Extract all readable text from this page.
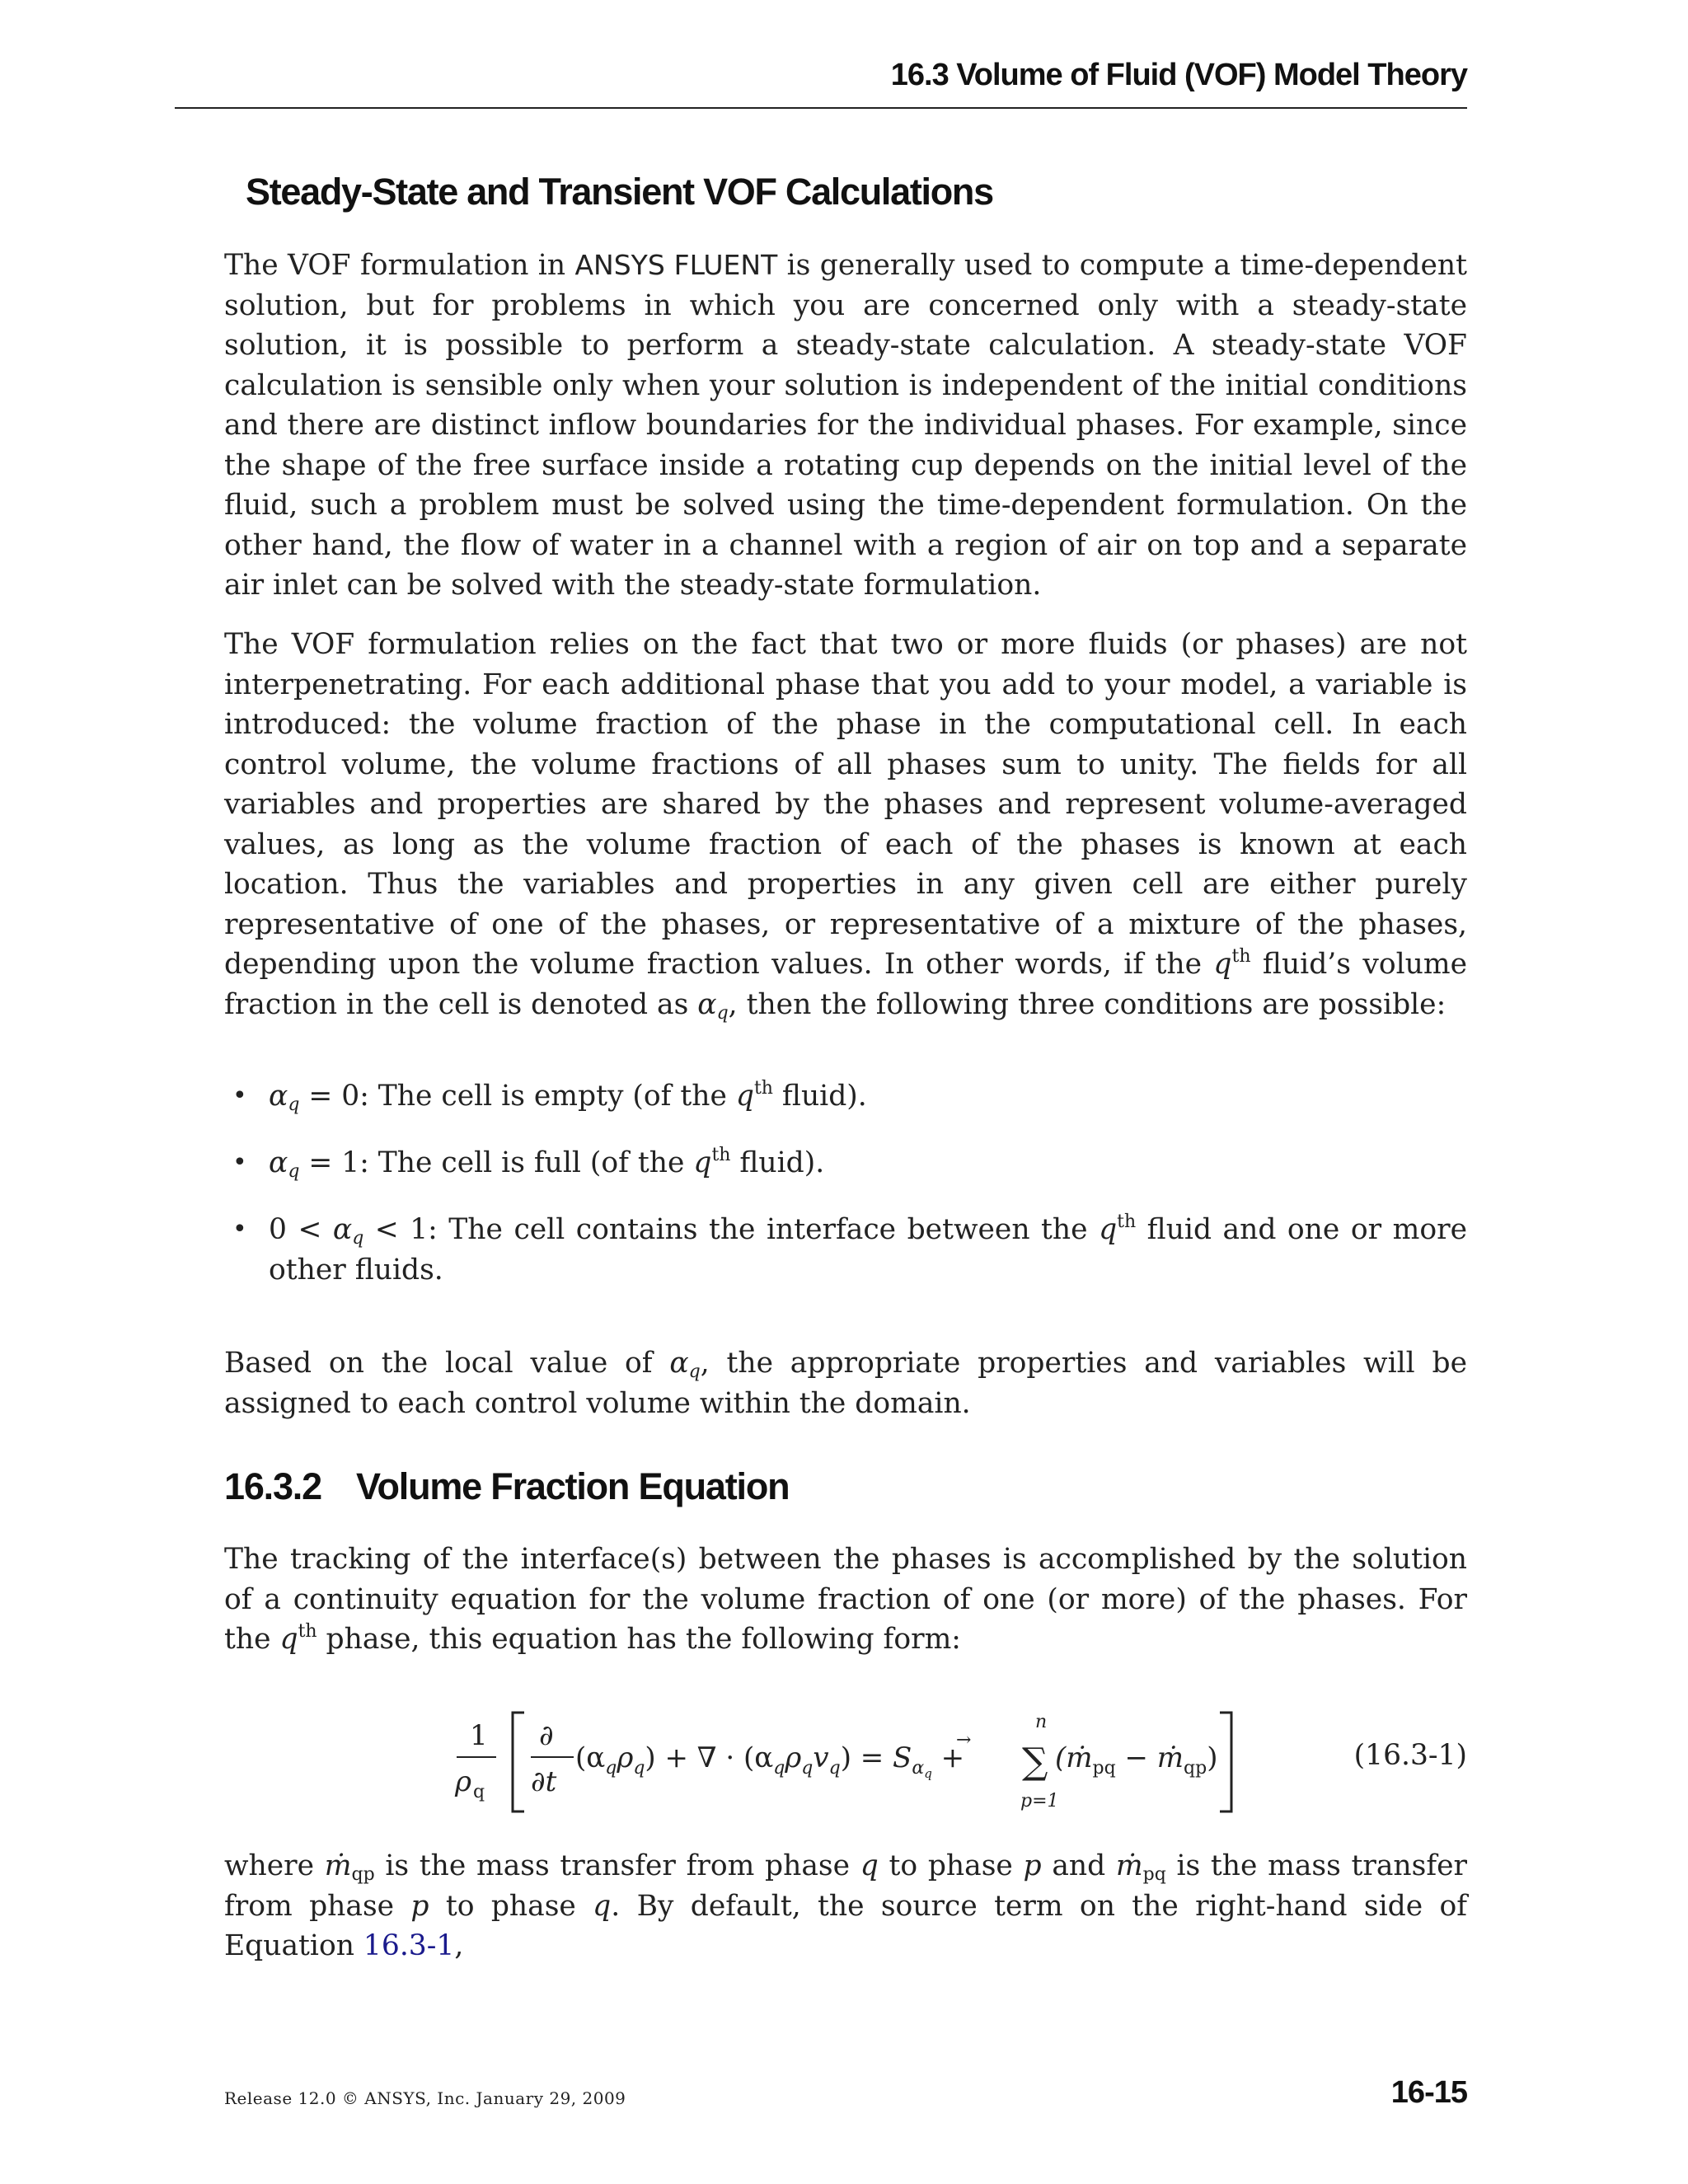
16.3 Volume of Fluid (VOF) Model Theory
Steady-State and Transient VOF Calculations
The VOF formulation in ANSYS FLUENT is generally used to compute a time-dependent solution, but for problems in which you are concerned only with a steady-state solution, it is possible to perform a steady-state calculation. A steady-state VOF calculation is sensible only when your solution is independent of the initial conditions and there are distinct inflow boundaries for the individual phases. For example, since the shape of the free surface inside a rotating cup depends on the initial level of the fluid, such a problem must be solved using the time-dependent formulation. On the other hand, the flow of water in a channel with a region of air on top and a separate air inlet can be solved with the steady-state formulation.
The VOF formulation relies on the fact that two or more fluids (or phases) are not interpenetrating. For each additional phase that you add to your model, a variable is introduced: the volume fraction of the phase in the computational cell. In each control volume, the volume fractions of all phases sum to unity. The fields for all variables and properties are shared by the phases and represent volume-averaged values, as long as the volume fraction of each of the phases is known at each location. Thus the variables and properties in any given cell are either purely representative of one of the phases, or representative of a mixture of the phases, depending upon the volume fraction values. In other words, if the $q^{th}$ fluid’s volume fraction in the cell is denoted as $\alpha_q$, then the following three conditions are possible:
• $\alpha_q = 0$: The cell is empty (of the $q^{th}$ fluid).
• $\alpha_q = 1$: The cell is full (of the $q^{th}$ fluid).
• $0 < \alpha_q < 1$: The cell contains the interface between the $q^{th}$ fluid and one or more other fluids.
Based on the local value of $\alpha_q$, the appropriate properties and variables will be assigned to each control volume within the domain.
16.3.2 Volume Fraction Equation
The tracking of the interface(s) between the phases is accomplished by the solution of a continuity equation for the volume fraction of one (or more) of the phases. For the $q^{th}$ phase, this equation has the following form:
1
ρ q
∂
∂t
$(\alpha_q\rho_q)$ + ∇ · $(\alpha_q\rho_qv_q) = S_\alpha q$ +
→
n
∑
p=1
(ṁ$_{pq}$ − ṁ$_{qp}$)	(16.3-1)
where ṁ$_{qp}$ is the mass transfer from phase q to phase p and ṁ$_{pq}$ is the mass transfer from phase p to phase q. By default, the source term on the right-hand side of Equation 16.3-1,
Release 12.0 © ANSYS, Inc. January 29, 2009	16-15
